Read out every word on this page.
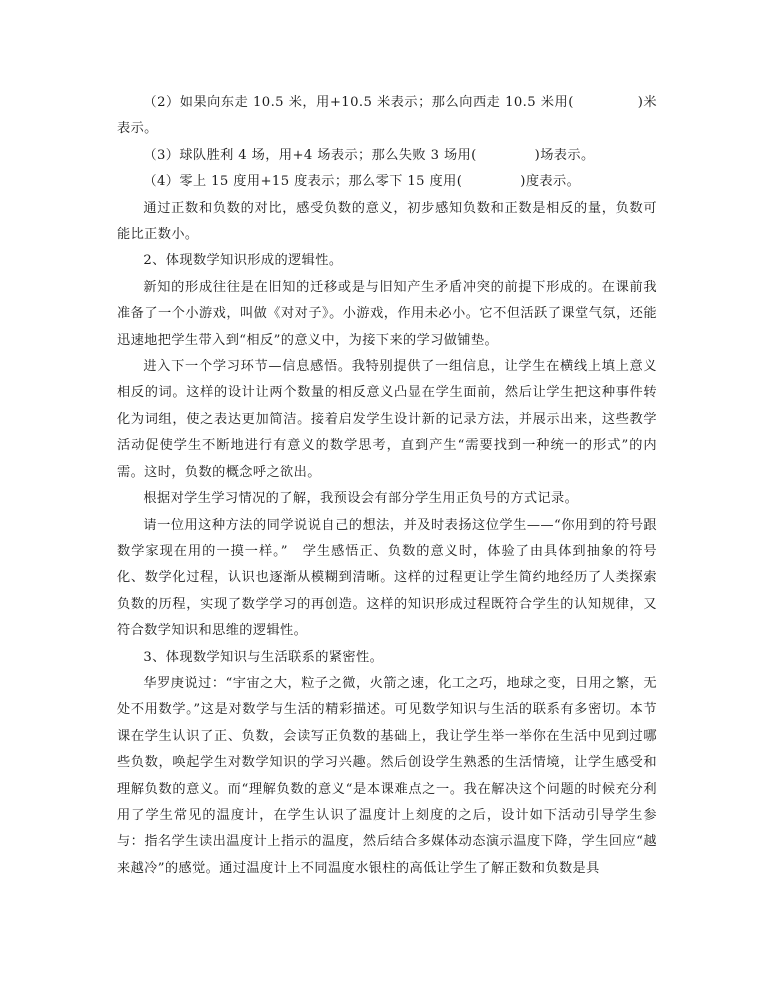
（2）如果向东走 10.5 米，用+10.5 米表示；那么向西走 10.5 米用(	)米表示。

（3）球队胜利 4 场，用+4 场表示；那么失败 3 场用(	)场表示。

（4）零上 15 度用+15 度表示；那么零下 15 度用(	)度表示。

通过正数和负数的对比，感受负数的意义，初步感知负数和正数是相反的量，负数可能比正数小。

2、体现数学知识形成的逻辑性。

新知的形成往往是在旧知的迁移或是与旧知产生矛盾冲突的前提下形成的。在课前我准备了一个小游戏，叫做《对对子》。小游戏，作用未必小。它不但活跃了课堂气氛，还能迅速地把学生带入到“相反”的意义中，为接下来的学习做铺垫。

进入下一个学习环节—信息感悟。我特别提供了一组信息，让学生在横线上填上意义相反的词。这样的设计让两个数量的相反意义凸显在学生面前，然后让学生把这种事件转化为词组，使之表达更加简洁。接着启发学生设计新的记录方法，并展示出来，这些教学活动促使学生不断地进行有意义的数学思考，直到产生“需要找到一种统一的形式”的内需。这时，负数的概念呼之欲出。

根据对学生学习情况的了解，我预设会有部分学生用正负号的方式记录。

请一位用这种方法的同学说说自己的想法，并及时表扬这位学生——“你用到的符号跟数学家现在用的一摸一样。”　学生感悟正、负数的意义时，体验了由具体到抽象的符号化、数学化过程，认识也逐渐从模糊到清晰。这样的过程更让学生简约地经历了人类探索负数的历程，实现了数学学习的再创造。这样的知识形成过程既符合学生的认知规律，又符合数学知识和思维的逻辑性。

3、体现数学知识与生活联系的紧密性。

华罗庚说过：“宇宙之大，粒子之微，火箭之速，化工之巧，地球之变，日用之繁，无处不用数学。”这是对数学与生活的精彩描述。可见数学知识与生活的联系有多密切。本节课在学生认识了正、负数，会读写正负数的基础上，我让学生举一举你在生活中见到过哪些负数，唤起学生对数学知识的学习兴趣。然后创设学生熟悉的生活情境，让学生感受和理解负数的意义。而“理解负数的意义“是本课难点之一。我在解决这个问题的时候充分利用了学生常见的温度计，在学生认识了温度计上刻度的之后，设计如下活动引导学生参与：指名学生读出温度计上指示的温度，然后结合多媒体动态演示温度下降，学生回应“越来越冷”的感觉。通过温度计上不同温度水银柱的高低让学生了解正数和负数是具
